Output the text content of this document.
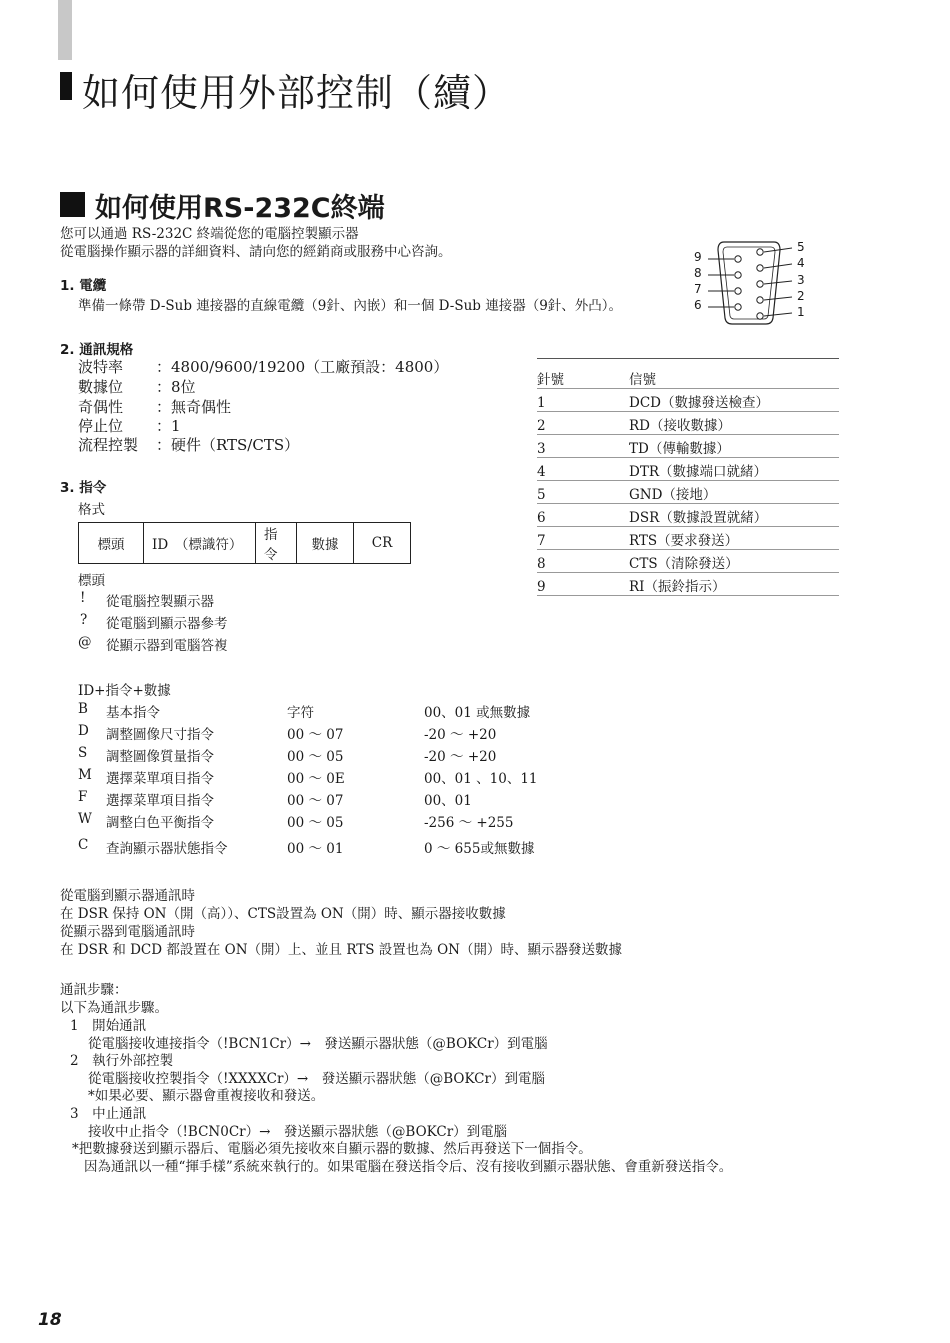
如何使用外部控制（續）
如何使用RS-232C終端
您可以通過 RS-232C 終端從您的電腦控製顯示器
從電腦操作顯示器的詳細資料、請向您的經銷商或服務中心咨詢。	9
8
7
6
5
4
3
2
1
1. 電纜
準備一條帶 D-Sub 連接器的直線電纜（9針、內嵌）和一個 D-Sub 連接器（9針、外凸）。
2. 通訊規格
波特率 ：4800/9600/19200（工廠預設：4800）
數據位 ：8位
奇偶性 ：無奇偶性
停止位 ：1
流程控製 ：硬件（RTS/CTS）
針號	信號
1	DCD（數據發送檢查）
2	RD（接收數據）
3	TD（傳輸數據）
4	DTR（數據端口就緒）
5	GND（接地）
6	DSR（數據設置就緒）
7	RTS（要求發送）
8	CTS（清除發送）
9	RI（振鈴指示）
3. 指令
格式
標頭	ID　（標識符）	指令	數據	CR
標頭
! 從電腦控製顯示器
? 從電腦到顯示器參考
@ 從顯示器到電腦答複
ID+指令+數據
B 基本指令	字符	00、01 或無數據
D 調整圖像尺寸指令	00 ～ 07	-20 ～ +20
S 調整圖像質量指令	00 ～ 05	-20 ～ +20
M 選擇菜單項目指令	00 ～ 0E	00、01 、10、11
F 選擇菜單項目指令	00 ～ 07	00、01
W 調整白色平衡指令	00 ～ 05	-256 ～ +255
C 查詢顯示器狀態指令	00 ～ 01	0 ～ 655或無數據
從電腦到顯示器通訊時
在 DSR 保持 ON（開（高））、CTS設置為 ON（開）時、顯示器接收數據
從顯示器到電腦通訊時
在 DSR 和 DCD 都設置在 ON（開）上、並且 RTS 設置也為 ON（開）時、顯示器發送數據
通訊步驟：
以下為通訊步驟。
1　開始通訊
從電腦接收連接指令（!BCN1Cr）→　發送顯示器狀態（@BOKCr）到電腦
2　執行外部控製
從電腦接收控製指令（!XXXXCr）→　發送顯示器狀態（@BOKCr）到電腦
*如果必要、顯示器會重複接收和發送。
3　中止通訊
接收中止指令（!BCN0Cr）→　發送顯示器狀態（@BOKCr）到電腦
*把數據發送到顯示器后、電腦必須先接收來自顯示器的數據、然后再發送下一個指令。
因為通訊以一種“揮手樣”系統來執行的。如果電腦在發送指令后、沒有接收到顯示器狀態、會重新發送指令。
18
